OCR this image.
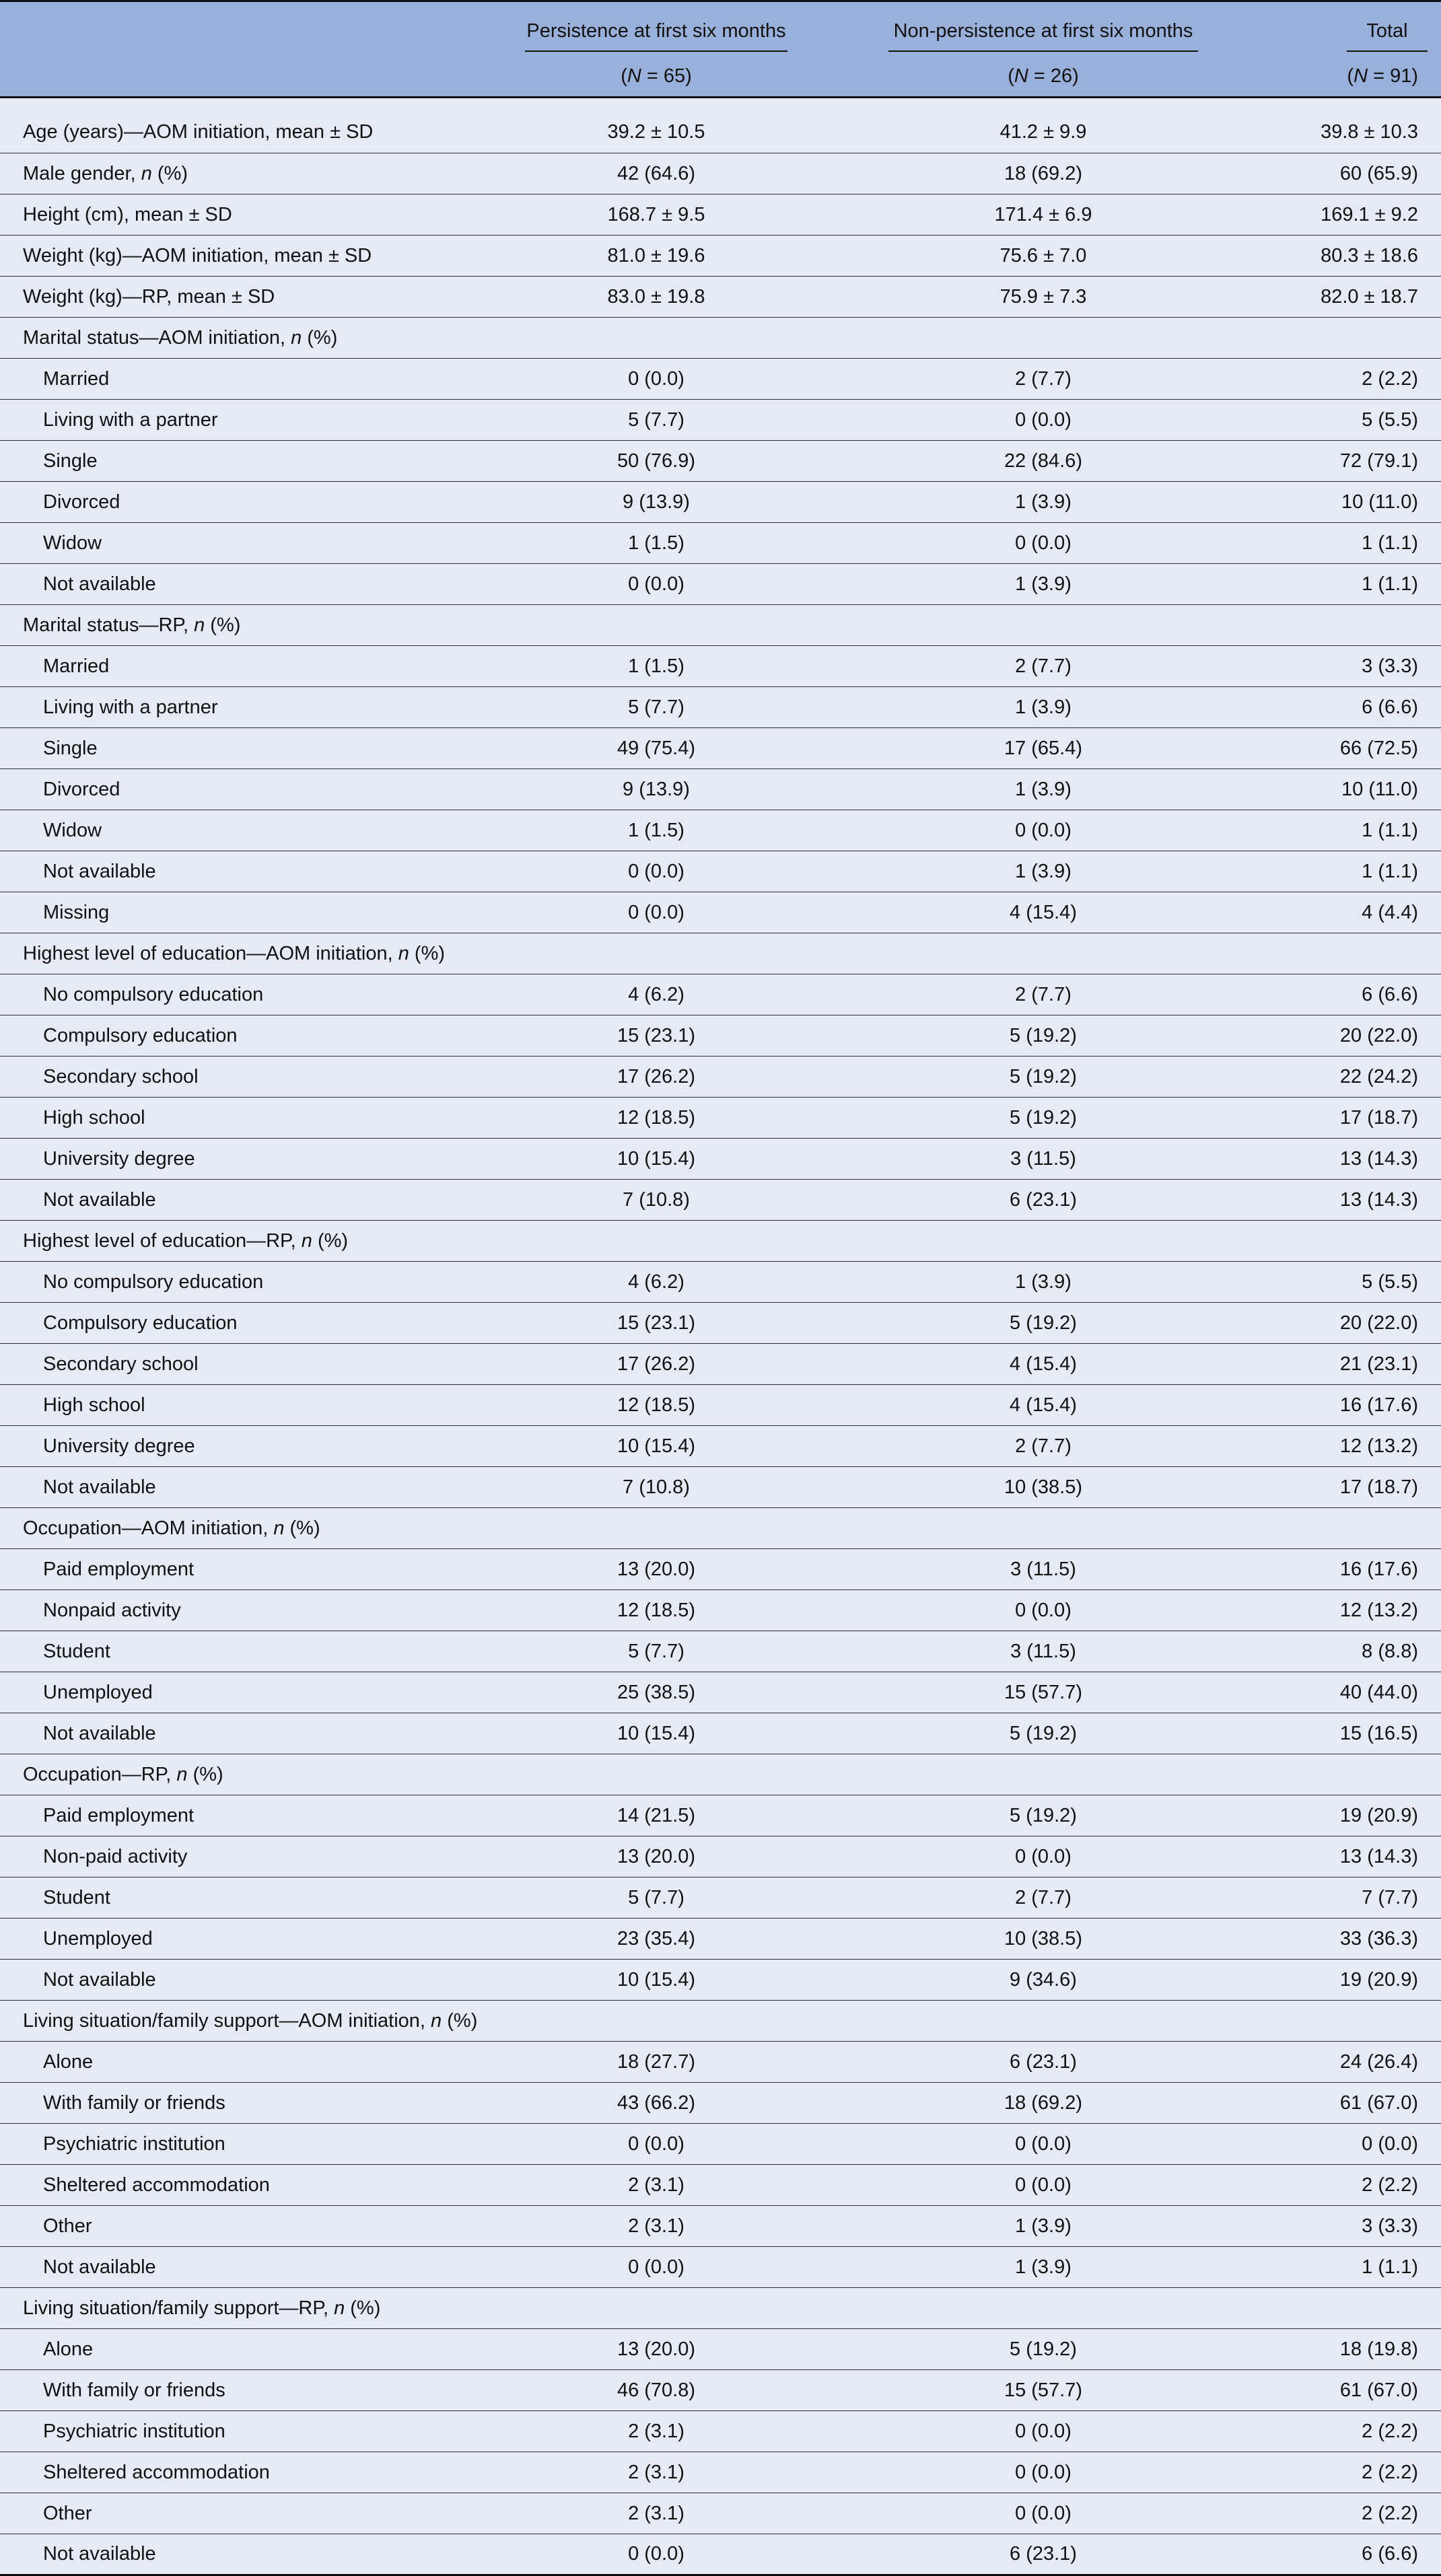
	Persistence at first six months	Non-persistence at first six months	Total
	(N = 65)	(N = 26)	(N = 91)

Age (years)—AOM initiation, mean ± SD	39.2 ± 10.5	41.2 ± 9.9	39.8 ± 10.3
Male gender, n (%)	42 (64.6)	18 (69.2)	60 (65.9)
Height (cm), mean ± SD	168.7 ± 9.5	171.4 ± 6.9	169.1 ± 9.2
Weight (kg)—AOM initiation, mean ± SD	81.0 ± 19.6	75.6 ± 7.0	80.3 ± 18.6
Weight (kg)—RP, mean ± SD	83.0 ± 19.8	75.9 ± 7.3	82.0 ± 18.7
Marital status—AOM initiation, n (%)			
Married	0 (0.0)	2 (7.7)	2 (2.2)
Living with a partner	5 (7.7)	0 (0.0)	5 (5.5)
Single	50 (76.9)	22 (84.6)	72 (79.1)
Divorced	9 (13.9)	1 (3.9)	10 (11.0)
Widow	1 (1.5)	0 (0.0)	1 (1.1)
Not available	0 (0.0)	1 (3.9)	1 (1.1)
Marital status—RP, n (%)			
Married	1 (1.5)	2 (7.7)	3 (3.3)
Living with a partner	5 (7.7)	1 (3.9)	6 (6.6)
Single	49 (75.4)	17 (65.4)	66 (72.5)
Divorced	9 (13.9)	1 (3.9)	10 (11.0)
Widow	1 (1.5)	0 (0.0)	1 (1.1)
Not available	0 (0.0)	1 (3.9)	1 (1.1)
Missing	0 (0.0)	4 (15.4)	4 (4.4)
Highest level of education—AOM initiation, n (%)			
No compulsory education	4 (6.2)	2 (7.7)	6 (6.6)
Compulsory education	15 (23.1)	5 (19.2)	20 (22.0)
Secondary school	17 (26.2)	5 (19.2)	22 (24.2)
High school	12 (18.5)	5 (19.2)	17 (18.7)
University degree	10 (15.4)	3 (11.5)	13 (14.3)
Not available	7 (10.8)	6 (23.1)	13 (14.3)
Highest level of education—RP, n (%)			
No compulsory education	4 (6.2)	1 (3.9)	5 (5.5)
Compulsory education	15 (23.1)	5 (19.2)	20 (22.0)
Secondary school	17 (26.2)	4 (15.4)	21 (23.1)
High school	12 (18.5)	4 (15.4)	16 (17.6)
University degree	10 (15.4)	2 (7.7)	12 (13.2)
Not available	7 (10.8)	10 (38.5)	17 (18.7)
Occupation—AOM initiation, n (%)			
Paid employment	13 (20.0)	3 (11.5)	16 (17.6)
Nonpaid activity	12 (18.5)	0 (0.0)	12 (13.2)
Student	5 (7.7)	3 (11.5)	8 (8.8)
Unemployed	25 (38.5)	15 (57.7)	40 (44.0)
Not available	10 (15.4)	5 (19.2)	15 (16.5)
Occupation—RP, n (%)			
Paid employment	14 (21.5)	5 (19.2)	19 (20.9)
Non-paid activity	13 (20.0)	0 (0.0)	13 (14.3)
Student	5 (7.7)	2 (7.7)	7 (7.7)
Unemployed	23 (35.4)	10 (38.5)	33 (36.3)
Not available	10 (15.4)	9 (34.6)	19 (20.9)
Living situation/family support—AOM initiation, n (%)			
Alone	18 (27.7)	6 (23.1)	24 (26.4)
With family or friends	43 (66.2)	18 (69.2)	61 (67.0)
Psychiatric institution	0 (0.0)	0 (0.0)	0 (0.0)
Sheltered accommodation	2 (3.1)	0 (0.0)	2 (2.2)
Other	2 (3.1)	1 (3.9)	3 (3.3)
Not available	0 (0.0)	1 (3.9)	1 (1.1)
Living situation/family support—RP, n (%)			
Alone	13 (20.0)	5 (19.2)	18 (19.8)
With family or friends	46 (70.8)	15 (57.7)	61 (67.0)
Psychiatric institution	2 (3.1)	0 (0.0)	2 (2.2)
Sheltered accommodation	2 (3.1)	0 (0.0)	2 (2.2)
Other	2 (3.1)	0 (0.0)	2 (2.2)
Not available	0 (0.0)	6 (23.1)	6 (6.6)
